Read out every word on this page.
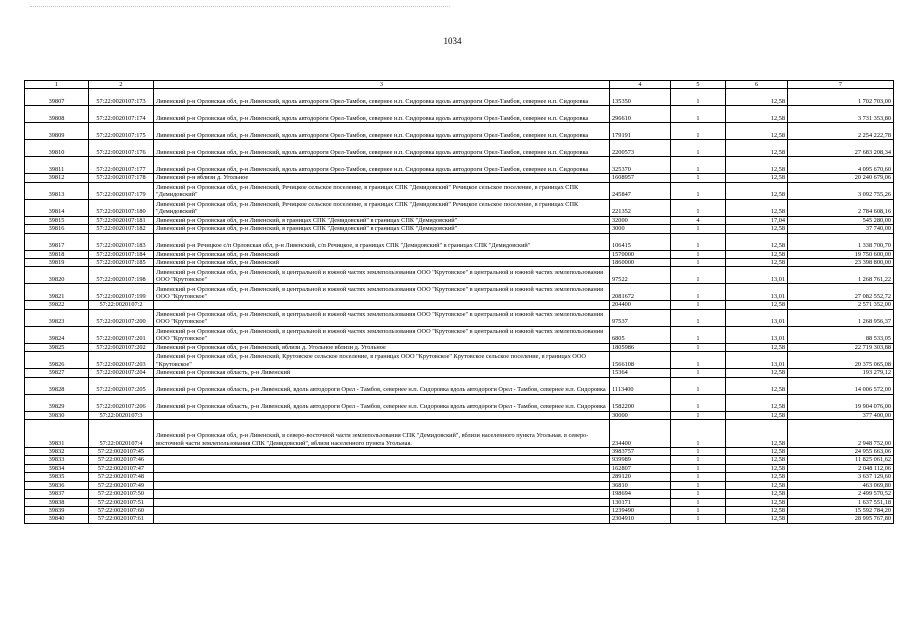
1034
1	2	3	4	5	6	7
39807	57:22:0020107:173	Ливенский р-н Орловская обл, р-н Ливенский, вдоль автодороги Орел-Тамбов, севернее н.п. Сидоровка вдоль автодороги Орел-Тамбов, севернее н.п. Сидоровка	135350	1	12,58	1 702 703,00
39808	57:22:0020107:174	Ливенский р-н Орловская обл, р-н Ливенский, вдоль автодороги Орел-Тамбов, севернее н.п. Сидоровка вдоль автодороги Орел-Тамбов, севернее н.п. Сидоровка	296610	1	12,58	3 731 353,80
39809	57:22:0020107:175	Ливенский р-н Орловская обл, р-н Ливенский, вдоль автодороги Орел-Тамбов, севернее н.п. Сидоровка вдоль автодороги Орел-Тамбов, севернее н.п. Сидоровка	179191	1	12,58	2 254 222,78
39810	57:22:0020107:176	Ливенский р-н Орловская обл, р-н Ливенский, вдоль автодороги Орел-Тамбов, севернее н.п. Сидоровка вдоль автодороги Орел-Тамбов, севернее н.п. Сидоровка	2200573	1	12,58	27 683 208,34
39811	57:22:0020107:177	Ливенский р-н Орловская обл, р-н Ливенский, вдоль автодороги Орел-Тамбов, севернее н.п. Сидоровка вдоль автодороги Орел-Тамбов, севернее н.п. Сидоровка	325370	1	12,58	4 095 670,60
39812	57:22:0020107:178	Ливенский р-н вблизи д. Угольное	1608957	1	12,58	20 240 679,06
39813	57:22:0020107:179	Ливенский р-н Орловская обл, р-н Ливенский, Речицкое сельское поселение, в границах СПК "Демидовский" Речицкое сельское поселение, в границах СПК "Демидовский"	245847	1	12,58	3 092 755,26
39814	57:22:0020107:180	Ливенский р-н Орловская обл, р-н Ливенский, Речицкое сельское поселение, в границах СПК "Демидовский" Речицкое сельское поселение, в границах СПК "Демидовский"	221352	1	12,58	2 784 608,16
39815	57:22:0020107:181	Ливенский р-н Орловская обл, р-н Ливенский, в границах СПК "Демидовский" в границах СПК "Демидовский"	32000	4	17,04	545 280,00
39816	57:22:0020107:182	Ливенский р-н Орловская обл, р-н Ливенский, в границах СПК "Демидовский" в границах СПК "Демидовский"	3000	1	12,58	37 740,00
39817	57:22:0020107:183	Ливенский р-н Речицкое с/п Орловская обл, р-н Ливенский, с/п Речицкое, в границах СПК "Демидовский" в границах СПК "Демидовский"	106415	1	12,58	1 338 700,70
39818	57:22:0020107:184	Ливенский р-н Орловская обл, р-н Ливенский	1570000	1	12,58	19 750 600,00
39819	57:22:0020107:185	Ливенский р-н Орловская обл, р-н Ливенский	1860000	1	12,58	23 398 800,00
39820	57:22:0020107:198	Ливенский р-н Орловская обл, р-н Ливенский, в центральной и южной частях землепользования ООО "Крутовское" в центральной и южной частях землепользования ООО "Крутовское"	97522	1	13,01	1 268 761,22
39821	57:22:0020107:199	Ливенский р-н Орловская обл, р-н Ливенский, в центральной и южной частях землепользования ООО "Крутовское" в центральной и южной частях землепользования ООО "Крутовское"	2081672	1	13,01	27 082 552,72
39822	57:22:0020107:2		204400	1	12,58	2 571 352,00
39823	57:22:0020107:200	Ливенский р-н Орловская обл, р-н Ливенский, в центральной и южной частях землепользования ООО "Крутовское" в центральной и южной частях землепользования ООО "Крутовское"	97537	1	13,01	1 268 956,37
39824	57:22:0020107:201	Ливенский р-н Орловская обл, р-н Ливенский, в центральной и южной частях землепользования ООО "Крутовское" в центральной и южной частях землепользования ООО "Крутовское"	6805	1	13,01	88 533,05
39825	57:22:0020107:202	Ливенский р-н Орловская обл, р-н Ливенский, вблизи д. Угольное вблизи д. Угольное	1805986	1	12,58	22 719 303,88
39826	57:22:0020107:203	Ливенский р-н Орловская обл, р-н Ливенский, Крутовское сельское поселение, в границах ООО "Крутовское" Крутовское сельское поселение, в границах ООО "Крутовское"	1566108	1	13,01	20 375 065,08
39827	57:22:0020107:204	Ливенский р-н Орловская область, р-н Ливенский	15364	1	12,58	193 279,12
39828	57:22:0020107:205	Ливенский р-н Орловская область, р-н Ливенский, вдоль автодороги Орел - Тамбов, севернее н.п. Сидоровка вдоль автодороги Орел - Тамбов, севернее н.п. Сидоровка	1113400	1	12,58	14 006 572,00
39829	57:22:0020107:206	Ливенский р-н Орловская область, р-н Ливенский, вдоль автодороги Орел - Тамбов, севернее н.п. Сидоровка вдоль автодороги Орел - Тамбов, севернее н.п. Сидоровка	1582200	1	12,58	19 904 076,00
39830	57:22:0020107:3		30000	1	12,58	377 400,00
39831	57:22:0020107:4	Ливенский р-н Орловская обл, р-н Ливенский, в северо-восточной части землепользования СПК "Демидовский", вблизи населенного пункта Угольная. в северо-восточной части землепользования СПК "Демидовский", вблизи населенного пункта Угольная.	234400	1	12,58	2 948 752,00
39832	57:22:0020107:45		3983757	1	12,58	24 955 663,06
39833	57:22:0020107:46		939989	1	12,58	11 825 061,62
39834	57:22:0020107:47		162807	1	12,58	2 048 112,06
39835	57:22:0020107:48		289120	1	12,58	3 637 129,60
39836	57:22:0020107:49		36810	1	12,58	463 069,80
39837	57:22:0020107:50		198694	1	12,58	2 499 570,52
39838	57:22:0020107:51		130171	1	12,58	1 637 551,18
39839	57:22:0020107:60		1239490	1	12,58	15 592 784,20
39840	57:22:0020107:61		2304910	1	12,58	28 995 767,80
